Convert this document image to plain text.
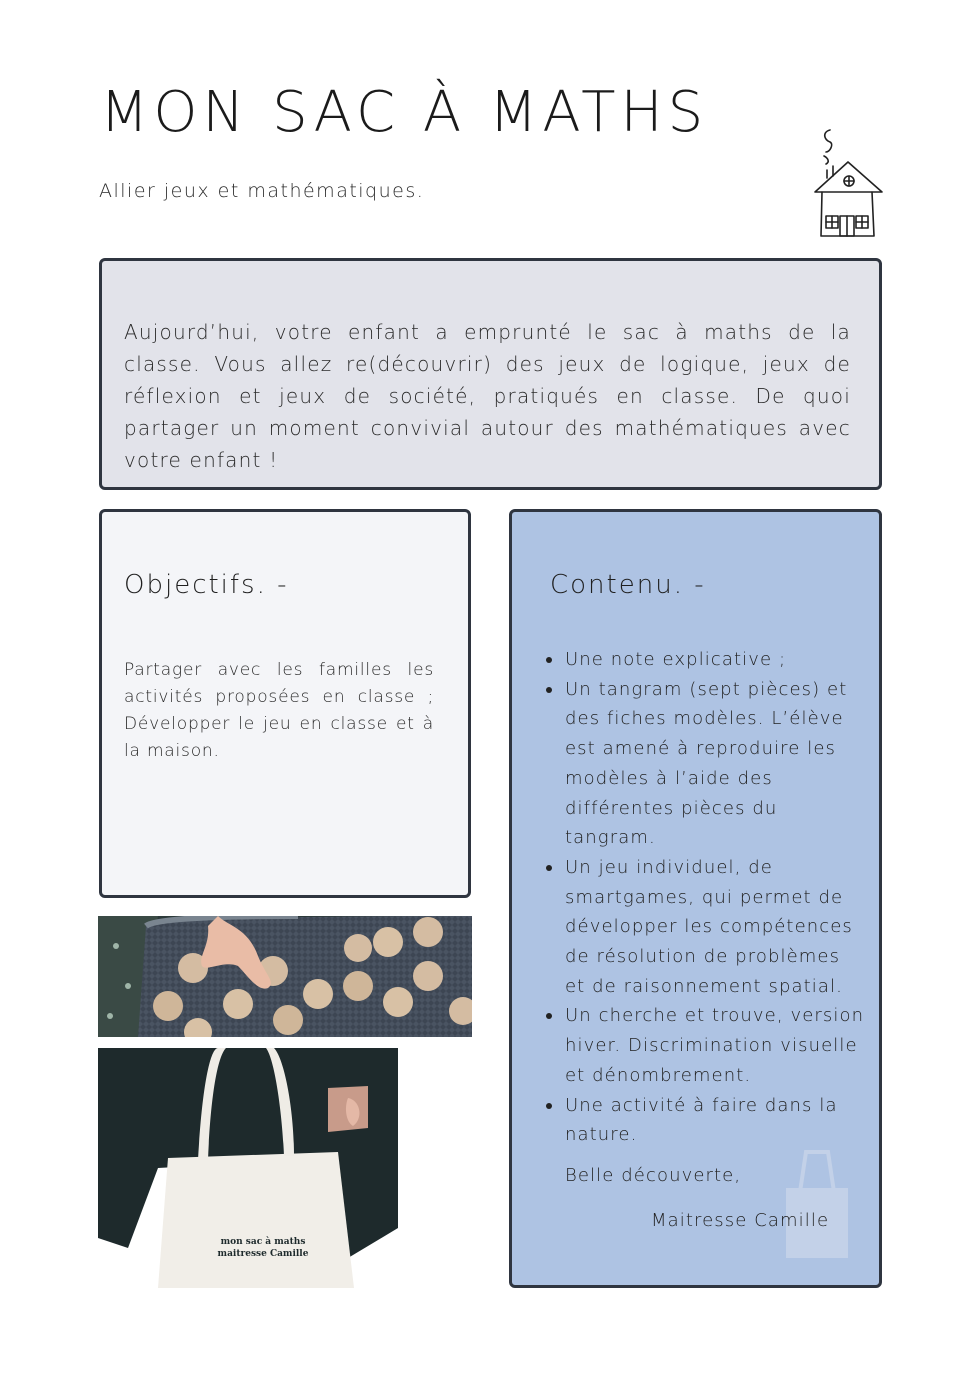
MON SAC À MATHS

Allier jeux et mathématiques.

Aujourd’hui, votre enfant a emprunté le sac à maths de la classe. Vous allez re(découvrir) des jeux de logique, jeux de réflexion et jeux de société, pratiqués en classe. De quoi partager un moment convivial autour des mathématiques avec votre enfant !

Objectifs. -

Partager avec les familles les activités proposées en classe ; Développer le jeu en classe et à la maison.

Contenu. -
Une note explicative ;
Un tangram (sept pièces) et des fiches modèles. L’élève est amené à reproduire les modèles à l’aide des différentes pièces du tangram.
Un jeu individuel, de smartgames, qui permet de développer les compétences de résolution de problèmes et de raisonnement spatial.
Un cherche et trouve, version hiver. Discrimination visuelle et dénombrement.
Une activité à faire dans la nature.

Belle découverte,

Maitresse Camille

mon sac à maths
maitresse Camille
